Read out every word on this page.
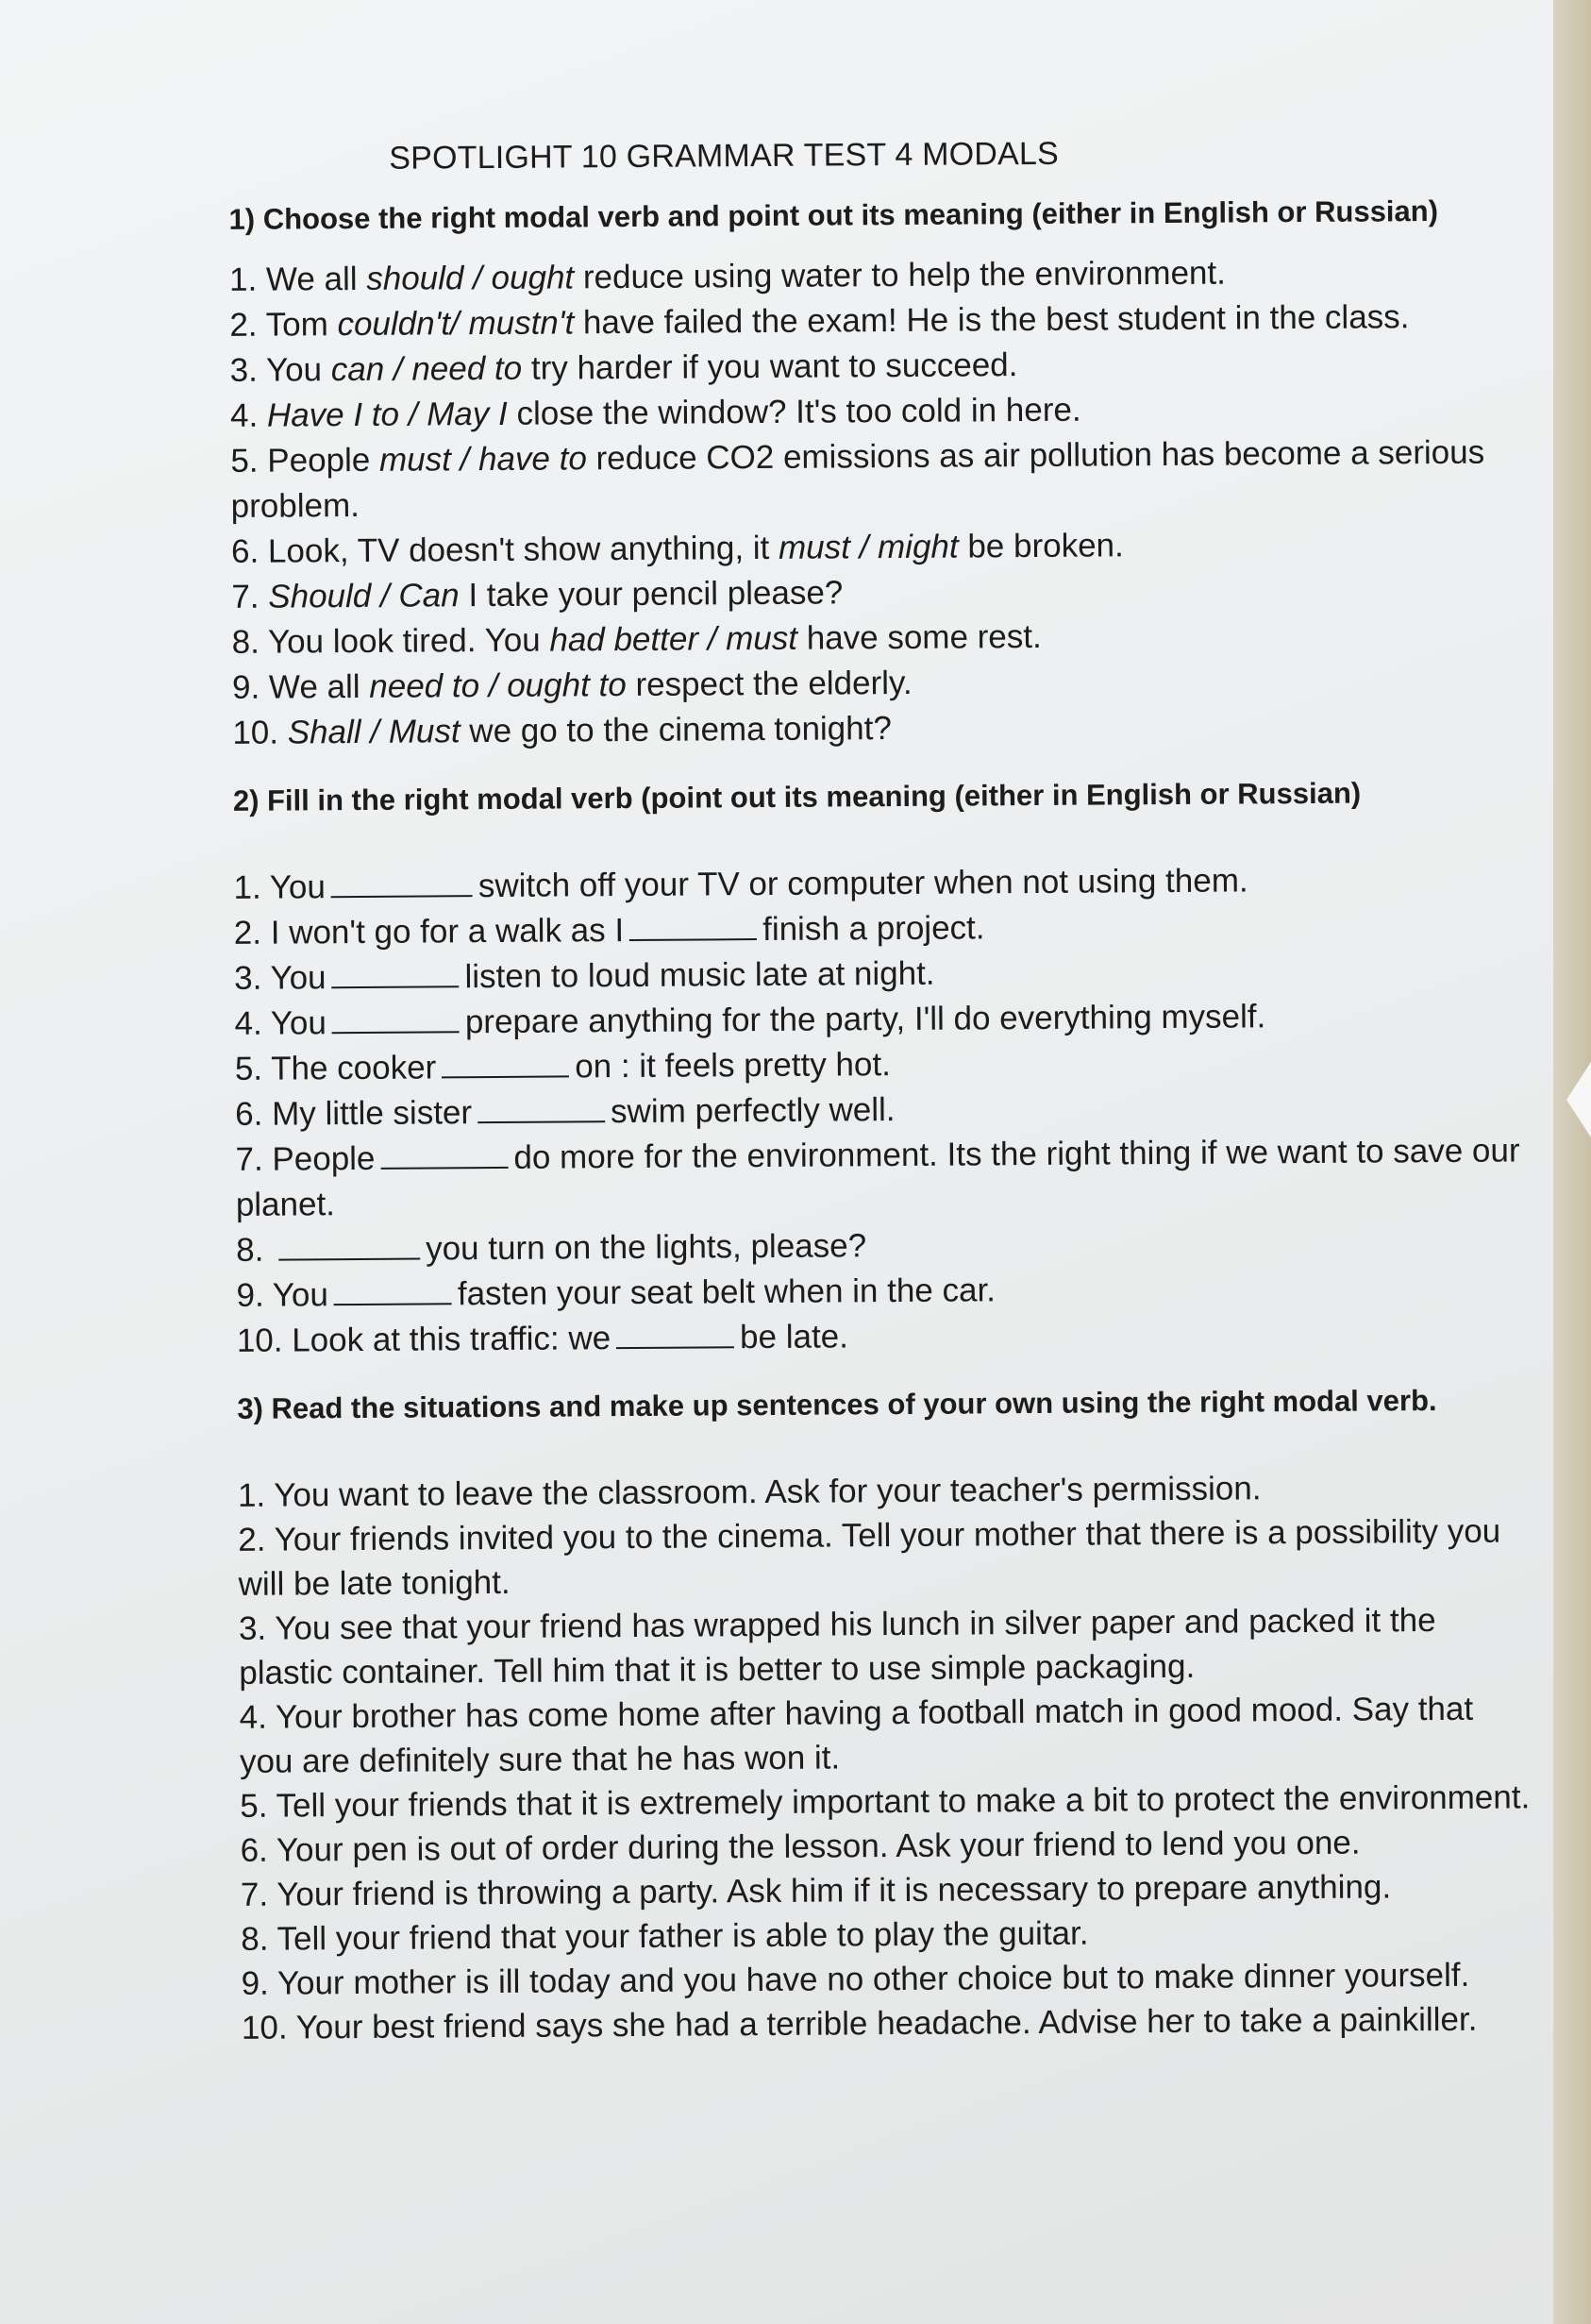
SPOTLIGHT 10 GRAMMAR TEST 4 MODALS
1) Choose the right modal verb and point out its meaning (either in English or Russian)
1. We all should / ought reduce using water to help the environment.
2. Tom couldn't/ mustn't have failed the exam! He is the best student in the class.
3. You can / need to try harder if you want to succeed.
4. Have I to / May I close the window? It's too cold in here.
5. People must / have to reduce CO2 emissions as air pollution has become a serious problem.
6. Look, TV doesn't show anything, it must / might be broken.
7. Should / Can I take your pencil please?
8. You look tired. You had better / must have some rest.
9. We all need to / ought to respect the elderly.
10. Shall / Must we go to the cinema tonight?
2) Fill in the right modal verb (point out its meaning (either in English or Russian)
1. You	switch off your TV or computer when not using them.
2. I won't go for a walk as I	finish a project.
3. You	listen to loud music late at night.
4. You	prepare anything for the party, I'll do everything myself.
5. The cooker	on : it feels pretty hot.
6. My little sister	swim perfectly well.
7. People	do more for the environment. Its the right thing if we want to save our planet.
8.	you turn on the lights, please?
9. You	fasten your seat belt when in the car.
10. Look at this traffic: we	be late.
3) Read the situations and make up sentences of your own using the right modal verb.
1. You want to leave the classroom. Ask for your teacher's permission.
2. Your friends invited you to the cinema. Tell your mother that there is a possibility you will be late tonight.
3. You see that your friend has wrapped his lunch in silver paper and packed it the plastic container. Tell him that it is better to use simple packaging.
4. Your brother has come home after having a football match in good mood. Say that you are definitely sure that he has won it.
5. Tell your friends that it is extremely important to make a bit to protect the environment.
6. Your pen is out of order during the lesson. Ask your friend to lend you one.
7. Your friend is throwing a party. Ask him if it is necessary to prepare anything.
8. Tell your friend that your father is able to play the guitar.
9. Your mother is ill today and you have no other choice but to make dinner yourself.
10. Your best friend says she had a terrible headache. Advise her to take a painkiller.
